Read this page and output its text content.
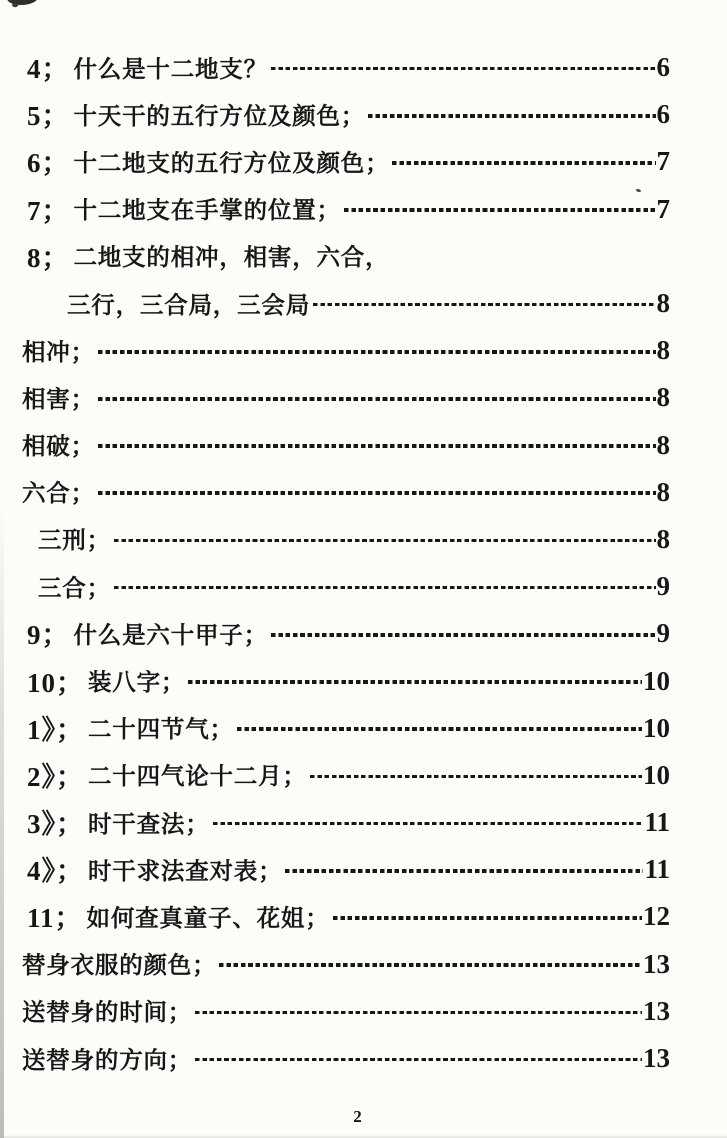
4； 什么是十二地支？	6
5； 十天干的五行方位及颜色；	6
6； 十二地支的五行方位及颜色；	7
7； 十二地支在手掌的位置；	7
8； 二地支的相冲，相害，六合，
三行，三合局，三会局	8
相冲；	8
相害；	8
相破；	8
六合；	8
三刑；	8
三合；	9
9； 什么是六十甲子；	9
10； 装八字；	10
1》； 二十四节气；	10
2》； 二十四气论十二月；	10
3》； 时干查法；	11
4》； 时干求法查对表；	11
11； 如何查真童子、花姐；	12
替身衣服的颜色；	13
送替身的时间；	13
送替身的方向；	13
2
